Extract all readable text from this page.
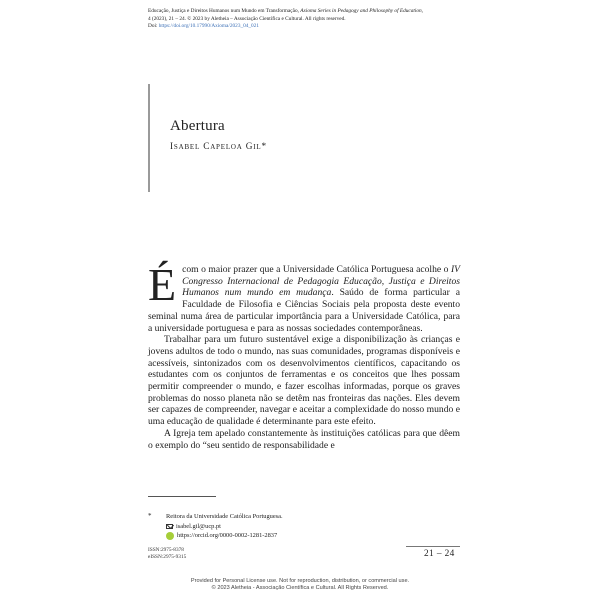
Educação, Justiça e Direitos Humanos num Mundo em Transformação, Axioma Series in Pedagogy and Philosophy of Education,
4 (2023), 21 – 24. © 2023 by Aletheia – Associação Científica e Cultural. All rights reserved.
Doi: https://doi.org/10.17990/Axioma/2023_04_021
Abertura
Isabel Capeloa Gil*

Écom o maior prazer que a Universidade Católica Portuguesa acolhe o IV Congresso Internacional de Pedagogia Educação, Justiça e Direitos Humanos num mundo em mudança. Saúdo de forma particular a Faculdade de Filosofia e Ciências Sociais pela proposta deste evento seminal numa área de particular importância para a Universidade Católica, para a universidade portuguesa e para as nossas sociedades contemporâneas.

Trabalhar para um futuro sustentável exige a disponibilização às crianças e jovens adultos de todo o mundo, nas suas comunidades, programas disponíveis e acessíveis, sintonizados com os desenvolvimentos científicos, capacitando os estudantes com os conjuntos de ferramentas e os conceitos que lhes possam permitir compreender o mundo, e fazer escolhas informadas, porque os graves problemas do nosso planeta não se detêm nas fronteiras das nações. Eles devem ser capazes de compreender, navegar e aceitar a complexidade do nosso mundo e uma educação de qualidade é determinante para este efeito.

A Igreja tem apelado constantemente às instituições católicas para que dêem o exemplo do “seu sentido de responsabilidade e

* Reitora da Universidade Católica Portuguesa.
isabel.gil@ucp.pt
https://orcid.org/0000-0002-1281-2837
ISSN:2975-8378
eISSN:2975-9315	21 – 24
Provided for Personal License use. Not for reproduction, distribution, or commercial use.
© 2023 Aletheia - Associação Científica e Cultural. All Rights Reserved.
